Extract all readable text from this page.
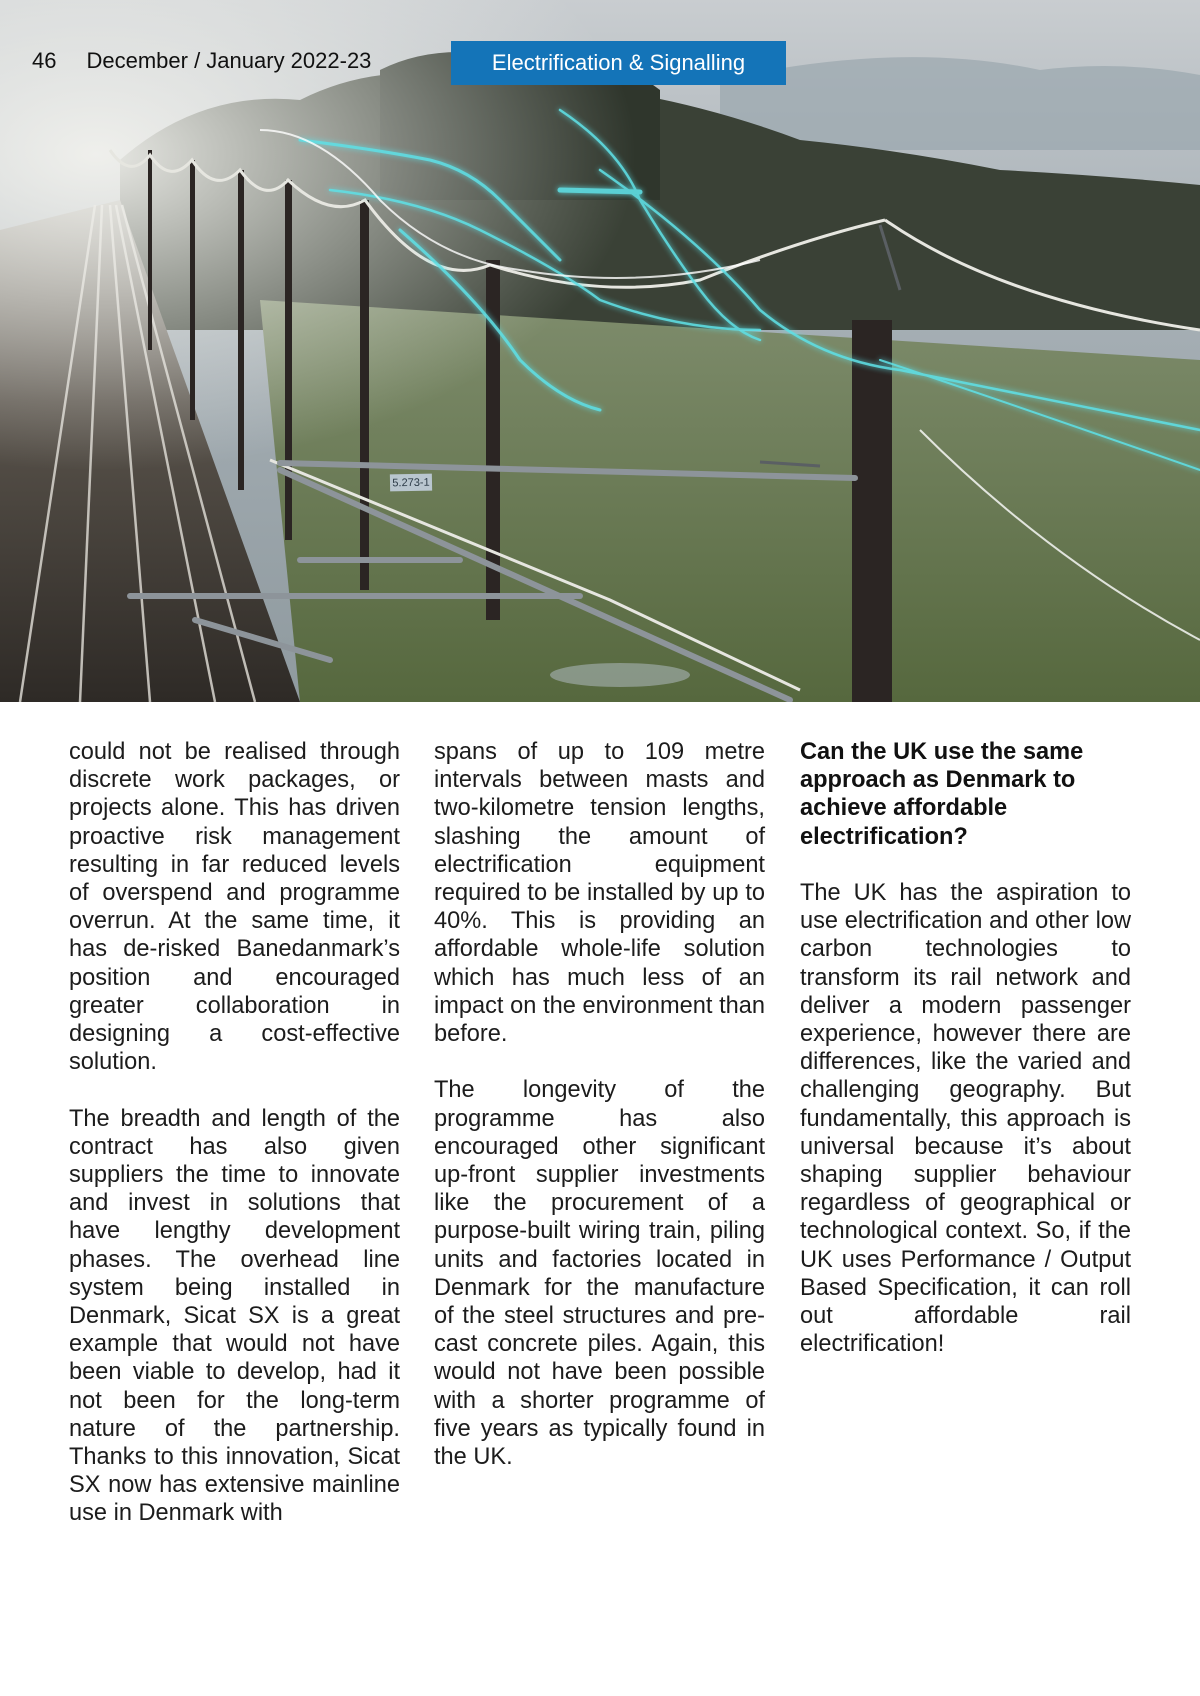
46 December / January 2022-23	Electrification & Signalling
5.273-1

could not be realised through discrete work packages, or projects alone. This has driven proactive risk management resulting in far reduced levels of overspend and programme overrun. At the same time, it has de-risked Banedanmark’s position and encouraged greater collaboration in designing a cost-effective solution.

The breadth and length of the contract has also given suppliers the time to innovate and invest in solutions that have lengthy development phases. The overhead line system being installed in Denmark, Sicat SX is a great example that would not have been viable to develop, had it not been for the long-term nature of the partnership. Thanks to this innovation, Sicat SX now has extensive mainline use in Denmark with

spans of up to 109 metre intervals between masts and two-kilometre tension lengths, slashing the amount of electrification equipment required to be installed by up to 40%. This is providing an affordable whole-life solution which has much less of an impact on the environment than before.

The longevity of the programme has also encouraged other significant up-front supplier investments like the procurement of a purpose-built wiring train, piling units and factories located in Denmark for the manufacture of the steel structures and pre-cast concrete piles. Again, this would not have been possible with a shorter programme of five years as typically found in the UK.

Can the UK use the same approach as Denmark to achieve affordable electrification?

The UK has the aspiration to use electrification and other low carbon technologies to transform its rail network and deliver a modern passenger experience, however there are differences, like the varied and challenging geography. But fundamentally, this approach is universal because it’s about shaping supplier behaviour regardless of geographical or technological context. So, if the UK uses Performance / Output Based Specification, it can roll out affordable rail electrification!
